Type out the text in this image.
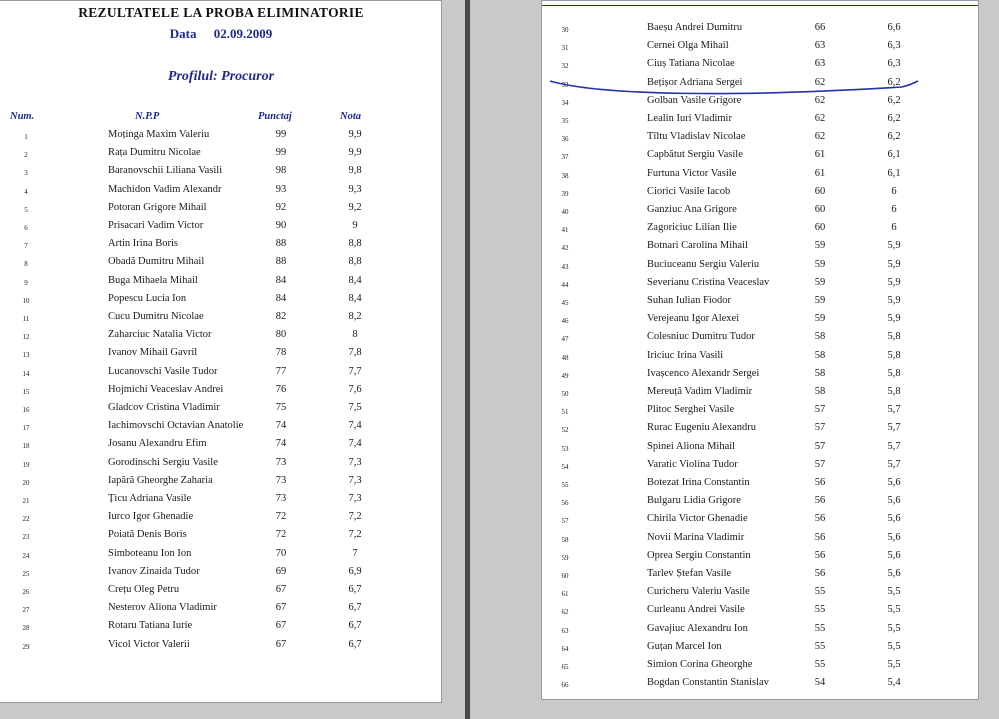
REZULTATELE LA PROBA ELIMINATORIE
Data 02.09.2009
Profilul: Procuror
Num.	N.P.P	Punctaj	Nota
1	Moținga Maxim Valeriu	99	9,9
2	Rața Dumitru Nicolae	99	9,9
3	Baranovschii Liliana Vasili	98	9,8
4	Machidon Vadim Alexandr	93	9,3
5	Potoran Grigore Mihail	92	9,2
6	Prisacari Vadim Victor	90	9
7	Artin Irina Boris	88	8,8
8	Obadă Dumitru Mihail	88	8,8
9	Buga Mihaela Mihail	84	8,4
10	Popescu Lucia Ion	84	8,4
11	Cucu Dumitru Nicolae	82	8,2
12	Zaharciuc Natalia Victor	80	8
13	Ivanov Mihail Gavril	78	7,8
14	Lucanovschi Vasile Tudor	77	7,7
15	Hojmichi Veaceslav Andrei	76	7,6
16	Gladcov Cristina Vladimir	75	7,5
17	Iachimovschi Octavian Anatolie	74	7,4
18	Josanu Alexandru Efim	74	7,4
19	Gorodinschi Sergiu Vasile	73	7,3
20	Iapără Gheorghe Zaharia	73	7,3
21	Țicu Adriana Vasile	73	7,3
22	Iurco Igor Ghenadie	72	7,2
23	Poiată Denis Boris	72	7,2
24	Simboteanu Ion Ion	70	7
25	Ivanov Zinaida Tudor	69	6,9
26	Crețu Oleg Petru	67	6,7
27	Nesterov Aliona Vladimir	67	6,7
28	Rotaru Tatiana Iurie	67	6,7
29	Vicol Victor Valerii	67	6,7
30	Baeșu Andrei Dumitru	66	6,6
31	Cernei Olga Mihail	63	6,3
32	Ciuș Tatiana Nicolae	63	6,3
33	Bețișor Adriana Sergei	62	6,2
34	Golban Vasile Grigore	62	6,2
35	Lealin Iuri Vladimir	62	6,2
36	Tîltu Vladislav Nicolae	62	6,2
37	Capbătut Sergiu Vasile	61	6,1
38	Furtuna Victor Vasile	61	6,1
39	Ciorici Vasile Iacob	60	6
40	Ganziuc Ana Grigore	60	6
41	Zagoriciuc Lilian Ilie	60	6
42	Botnari Carolina Mihail	59	5,9
43	Buciuceanu Sergiu Valeriu	59	5,9
44	Severianu Cristina Veaceslav	59	5,9
45	Suhan Iulian Fiodor	59	5,9
46	Verejeanu Igor Alexei	59	5,9
47	Colesniuc Dumitru Tudor	58	5,8
48	Iriciuc Irina Vasili	58	5,8
49	Ivașcenco Alexandr Sergei	58	5,8
50	Mereuță Vadim Vladimir	58	5,8
51	Plitoc Serghei Vasile	57	5,7
52	Rurac Eugeniu Alexandru	57	5,7
53	Spinei Aliona Mihail	57	5,7
54	Varatic Violina Tudor	57	5,7
55	Botezat Irina Constantin	56	5,6
56	Bulgaru Lidia Grigore	56	5,6
57	Chirila Victor Ghenadie	56	5,6
58	Novii Marina Vladimir	56	5,6
59	Oprea Sergiu Constantin	56	5,6
60	Tarlev Ștefan Vasile	56	5,6
61	Curicheru Valeriu Vasile	55	5,5
62	Curleanu Andrei Vasile	55	5,5
63	Gavajiuc Alexandru Ion	55	5,5
64	Guțan Marcel Ion	55	5,5
65	Simion Corina Gheorghe	55	5,5
66	Bogdan Constantin Stanislav	54	5,4
